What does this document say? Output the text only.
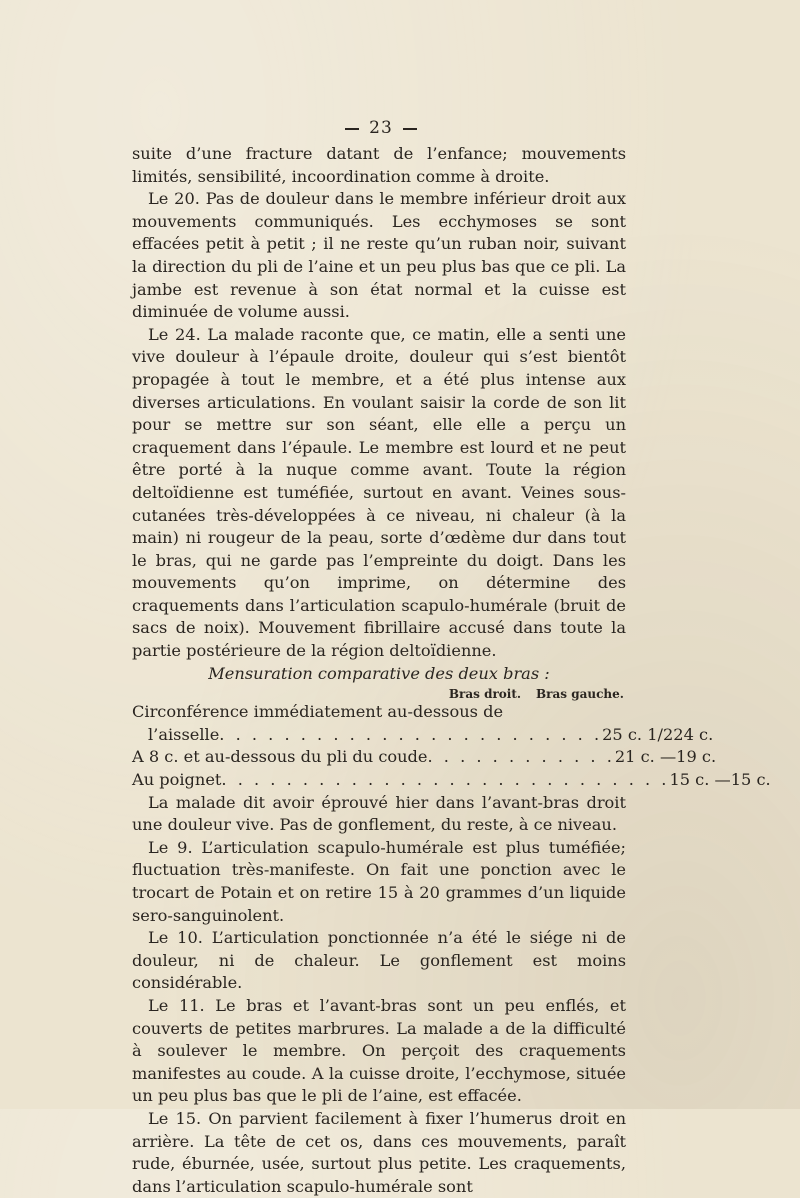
23

suite d’une fracture datant de l’enfance; mouvements limités, sensibilité, incoordination comme à droite.

Le 20. Pas de douleur dans le membre inférieur droit aux mouvements communiqués. Les ecchymoses se sont effacées petit à petit ; il ne reste qu’un ruban noir, suivant la direction du pli de l’aine et un peu plus bas que ce pli. La jambe est revenue à son état normal et la cuisse est diminuée de volume aussi.

Le 24. La malade raconte que, ce matin, elle a senti une vive douleur à l’épaule droite, douleur qui s’est bientôt propagée à tout le membre, et a été plus intense aux diverses articulations. En voulant saisir la corde de son lit pour se mettre sur son séant, elle elle a perçu un craquement dans l’épaule. Le membre est lourd et ne peut être porté à la nuque comme avant. Toute la région deltoïdienne est tuméfiée, surtout en avant. Veines sous-cutanées très-développées à ce niveau, ni chaleur (à la main) ni rougeur de la peau, sorte d’œdème dur dans tout le bras, qui ne garde pas l’empreinte du doigt. Dans les mouvements qu’on imprime, on détermine des craquements dans l’articulation scapulo-humérale (bruit de sacs de noix). Mouvement fibrillaire accusé dans toute la partie postérieure de la région deltoïdienne.

Mensuration comparative des deux bras :

Bras droit.	Bras gauche.
Circonférence immédiatement au-dessous de
l’aisselle. . . . . . . . . . . . . . . . . . . . . . . . 25 c. 1/2 24 c.
A 8 c. et au-dessous du pli du coude. . . . . . . . . . . . 21 c. — 19 c.
Au poignet. . . . . . . . . . . . . . . . . . . . . . . . . . . . 15 c. — 15 c.

La malade dit avoir éprouvé hier dans l’avant-bras droit une douleur vive. Pas de gonflement, du reste, à ce niveau.

Le 9. L’articulation scapulo-humérale est plus tuméfiée; fluctuation très-manifeste. On fait une ponction avec le trocart de Potain et on retire 15 à 20 grammes d’un liquide sero-sanguinolent.

Le 10. L’articulation ponctionnée n’a été le siége ni de douleur, ni de chaleur. Le gonflement est moins considérable.

Le 11. Le bras et l’avant-bras sont un peu enflés, et couverts de petites marbrures. La malade a de la difficulté à soulever le membre. On perçoit des craquements manifestes au coude. A la cuisse droite, l’ecchymose, située un peu plus bas que le pli de l’aine, est effacée.

Le 15. On parvient facilement à fixer l’humerus droit en arrière. La tête de cet os, dans ces mouvements, paraît rude, éburnée, usée, surtout plus petite. Les craquements, dans l’articulation scapulo-humérale sont
